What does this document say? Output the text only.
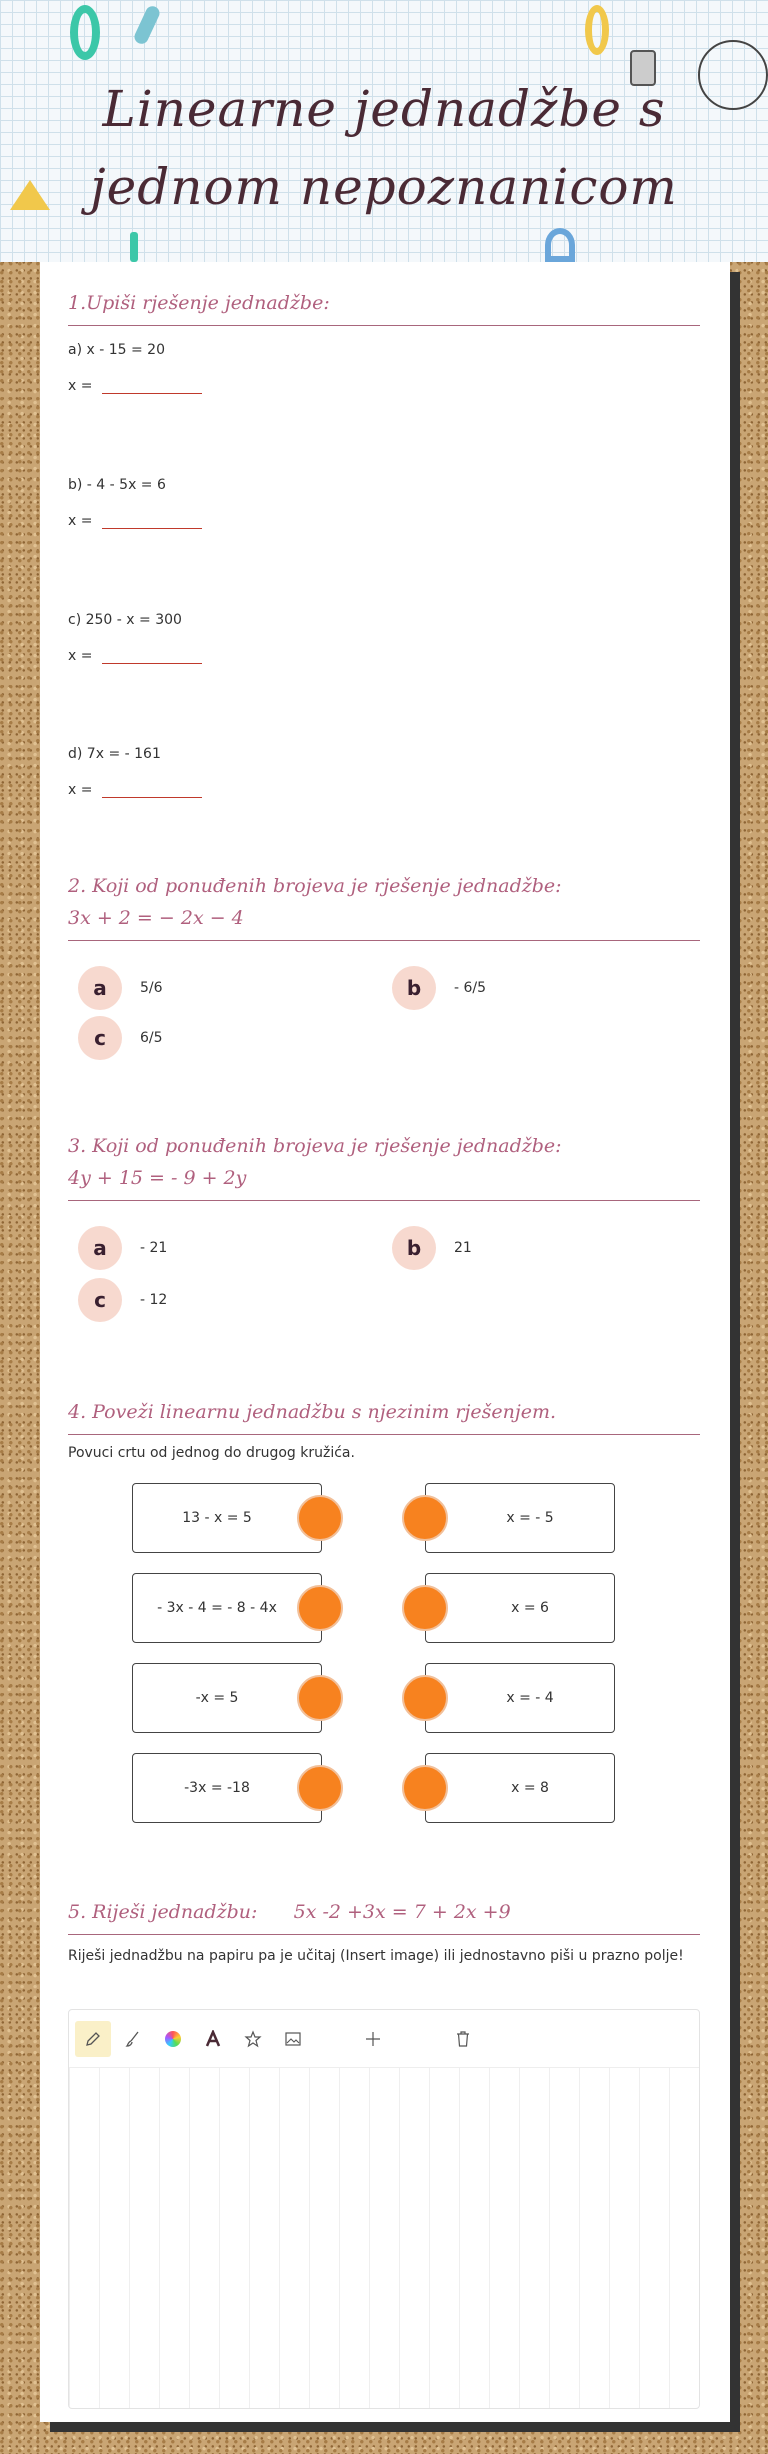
Linearne jednadžbe s
jednom nepoznanicom
1.Upiši rješenje jednadžbe:
a) x - 15 = 20
x =
b) - 4 - 5x = 6
x =
c) 250 - x = 300
x =
d) 7x = - 161
x =
2. Koji od ponuđenih brojeva je rješenje jednadžbe:
3x + 2 = − 2x − 4
a	5/6	b	- 6/5
c	6/5
3. Koji od ponuđenih brojeva je rješenje jednadžbe:
4y + 15 = - 9 + 2y
a	- 21	b	21
c	- 12
4. Poveži linearnu jednadžbu s njezinim rješenjem.
Povuci crtu od jednog do drugog kružića.
13 - x = 5
- 3x - 4 = - 8 - 4x
-x = 5
-3x = -18
x = - 5
x = 6
x = - 4
x = 8
5. Riješi jednadžbu:      5x -2 +3x = 7 + 2x +9
Riješi jednadžbu na papiru pa je učitaj (Insert image) ili jednostavno piši u prazno polje!
